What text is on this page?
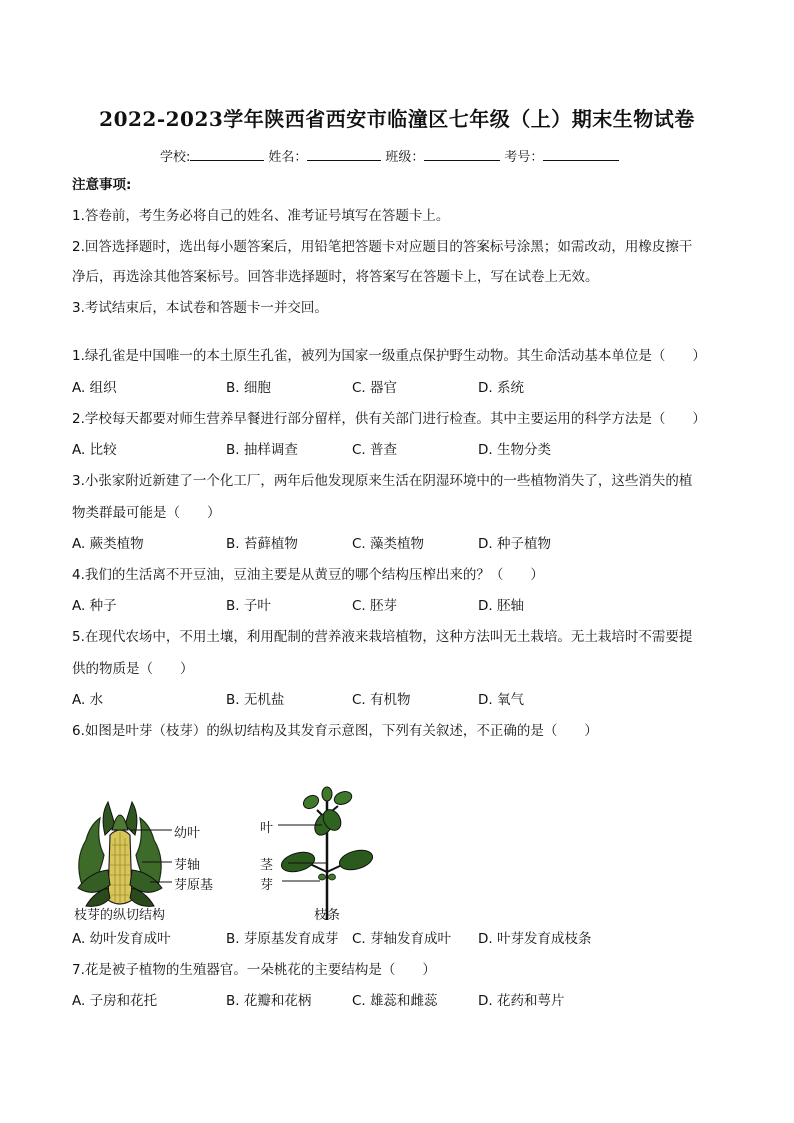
2022-2023学年陕西省西安市临潼区七年级（上）期末生物试卷
学校:	姓名：	班级：	考号：
注意事项:
1.答卷前，考生务必将自己的姓名、准考证号填写在答题卡上。
2.回答选择题时，选出每小题答案后，用铅笔把答题卡对应题目的答案标号涂黑；如需改动，用橡皮擦干
净后，再选涂其他答案标号。回答非选择题时，将答案写在答题卡上，写在试卷上无效。
3.考试结束后，本试卷和答题卡一并交回。
1.绿孔雀是中国唯一的本土原生孔雀，被列为国家一级重点保护野生动物。其生命活动基本单位是（　　）
A. 组织	B. 细胞	C. 器官	D. 系统
2.学校每天都要对师生营养早餐进行部分留样，供有关部门进行检查。其中主要运用的科学方法是（　　）
A. 比较	B. 抽样调查	C. 普查	D. 生物分类
3.小张家附近新建了一个化工厂，两年后他发现原来生活在阴湿环境中的一些植物消失了，这些消失的植
物类群最可能是（　　）
A. 蕨类植物	B. 苔藓植物	C. 藻类植物	D. 种子植物
4.我们的生活离不开豆油，豆油主要是从黄豆的哪个结构压榨出来的？（　　）
A. 种子	B. 子叶	C. 胚芽	D. 胚轴
5.在现代农场中，不用土壤，利用配制的营养液来栽培植物，这种方法叫无土栽培。无土栽培时不需要提
供的物质是（　　）
A. 水	B. 无机盐	C. 有机物	D. 氧气
6.如图是叶芽（枝芽）的纵切结构及其发育示意图，下列有关叙述，不正确的是（　　）
幼叶
芽轴
芽原基
枝芽的纵切结构
叶
茎
芽
枝条
A. 幼叶发育成叶	B. 芽原基发育成芽 C. 芽轴发育成叶 D. 叶芽发育成枝条
7.花是被子植物的生殖器官。一朵桃花的主要结构是（　　）
A. 子房和花托	B. 花瓣和花柄	C. 雄蕊和雌蕊	D. 花药和萼片
